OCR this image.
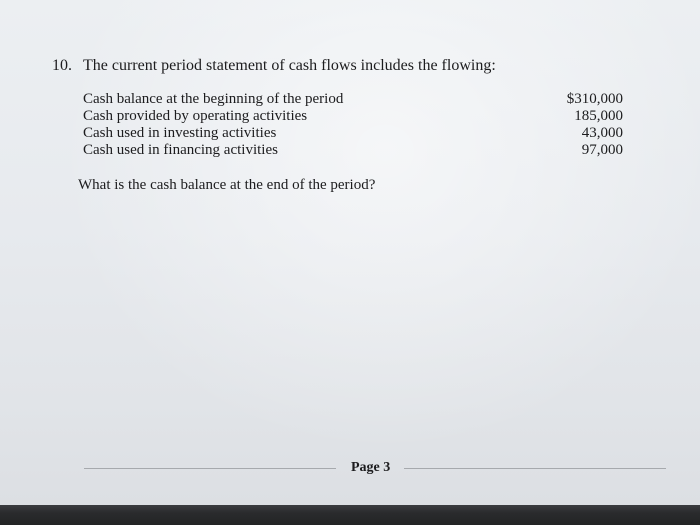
10. The current period statement of cash flows includes the flowing:
Cash balance at the beginning of the period	$310,000
Cash provided by operating activities	185,000
Cash used in investing activities	43,000
Cash used in financing activities	97,000
What is the cash balance at the end of the period?
Page 3
